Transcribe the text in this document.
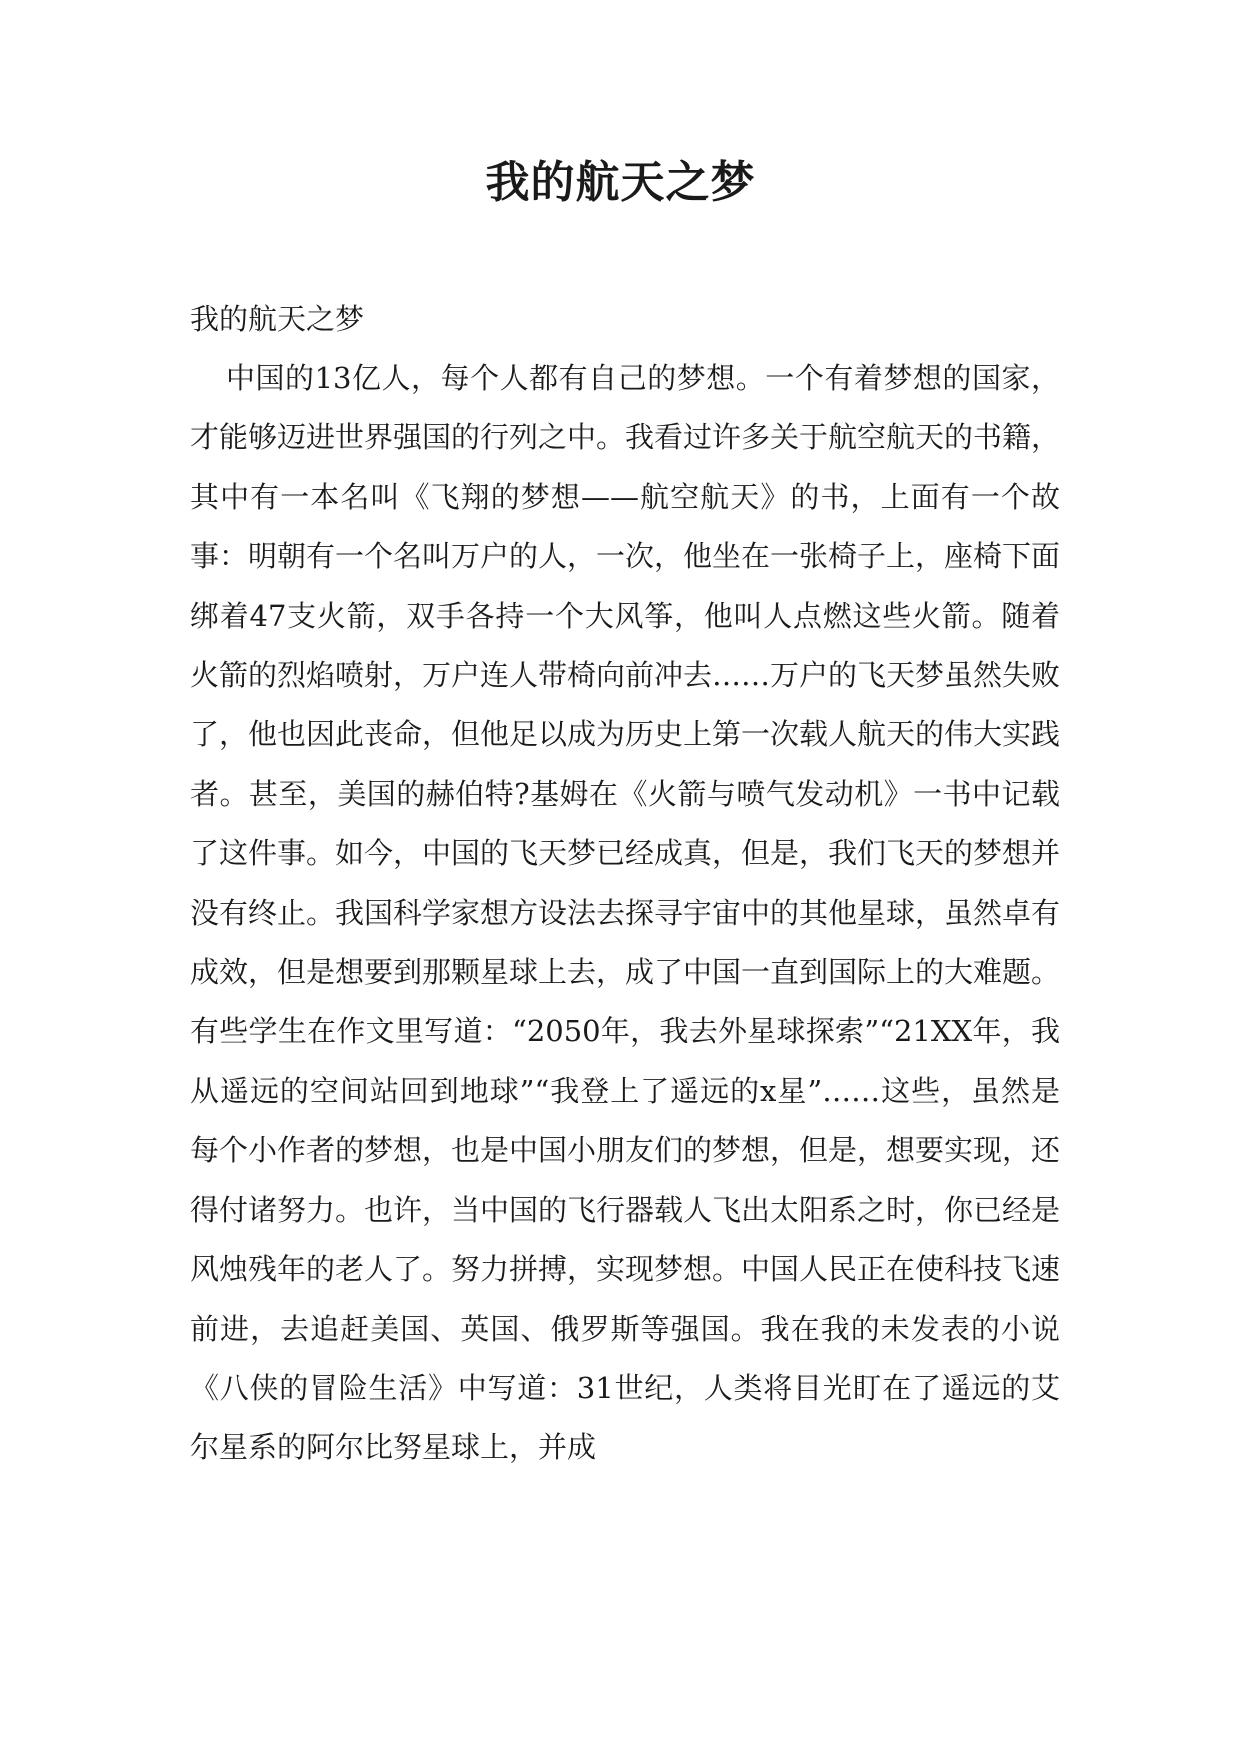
我的航天之梦

我的航天之梦

中国的13亿人，每个人都有自己的梦想。一个有着梦想的国家，才能够迈进世界强国的行列之中。我看过许多关于航空航天的书籍，其中有一本名叫《飞翔的梦想——航空航天》的书，上面有一个故事：明朝有一个名叫万户的人，一次，他坐在一张椅子上，座椅下面绑着47支火箭，双手各持一个大风筝，他叫人点燃这些火箭。随着火箭的烈焰喷射，万户连人带椅向前冲去……万户的飞天梦虽然失败了，他也因此丧命，但他足以成为历史上第一次载人航天的伟大实践者。甚至，美国的赫伯特?基姆在《火箭与喷气发动机》一书中记载了这件事。如今，中国的飞天梦已经成真，但是，我们飞天的梦想并没有终止。我国科学家想方设法去探寻宇宙中的其他星球，虽然卓有成效，但是想要到那颗星球上去，成了中国一直到国际上的大难题。有些学生在作文里写道：“2050年，我去外星球探索”“21XX年，我从遥远的空间站回到地球”“我登上了遥远的x星”……这些，虽然是每个小作者的梦想，也是中国小朋友们的梦想，但是，想要实现，还得付诸努力。也许，当中国的飞行器载人飞出太阳系之时，你已经是风烛残年的老人了。努力拼搏，实现梦想。中国人民正在使科技飞速前进，去追赶美国、英国、俄罗斯等强国。我在我的未发表的小说《八侠的冒险生活》中写道：31世纪，人类将目光盯在了遥远的艾尔星系的阿尔比努星球上，并成
